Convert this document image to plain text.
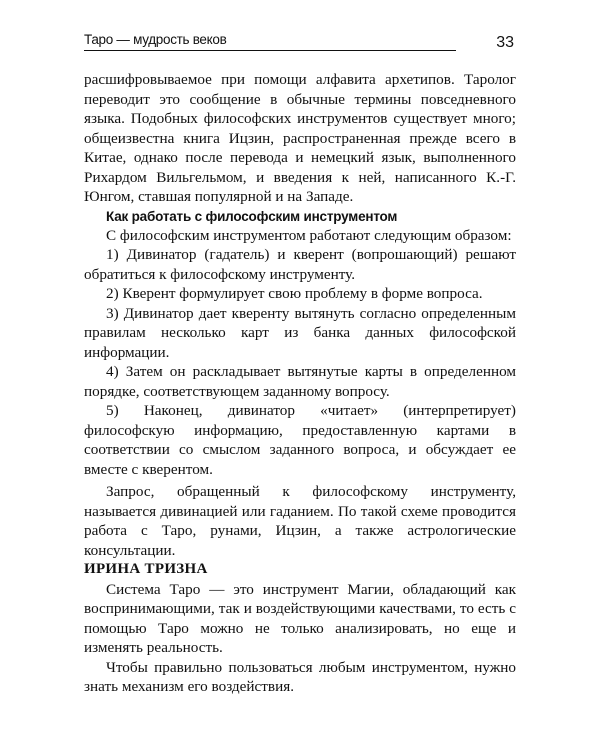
Таро — мудрость веков	33

расшифровываемое при помощи алфавита архетипов. Таролог переводит это сообщение в обычные термины повседневного языка. Подобных философских инструментов существует много; общеизвестна книга Ицзин, распространенная прежде всего в Китае, однако после перевода и немецкий язык, выполненного Рихардом Вильгельмом, и введения к ней, написанного К.-Г. Юнгом, ставшая популярной и на Западе.

Как работать с философским инструментом

С философским инструментом работают следующим образом:

1) Дивинатор (гадатель) и кверент (вопрошающий) решают обратиться к философскому инструменту.

2) Кверент формулирует свою проблему в форме вопроса.

3) Дивинатор дает кверенту вытянуть согласно определенным правилам несколько карт из банка данных философской информации.

4) Затем он раскладывает вытянутые карты в определенном порядке, соответствующем заданному вопросу.

5) Наконец, дивинатор «читает» (интерпретирует) философскую информацию, предоставленную картами в соответствии со смыслом заданного вопроса, и обсуждает ее вместе с кверентом.

Запрос, обращенный к философскому инструменту, называется дивинацией или гаданием. По такой схеме проводится работа с Таро, рунами, Ицзин, а также астрологические консультации.

ИРИНА ТРИЗНА

Система Таро — это инструмент Магии, обладающий как воспринимающими, так и воздействующими качествами, то есть с помощью Таро можно не только анализировать, но еще и изменять реальность.

Чтобы правильно пользоваться любым инструментом, нужно знать механизм его воздействия.
